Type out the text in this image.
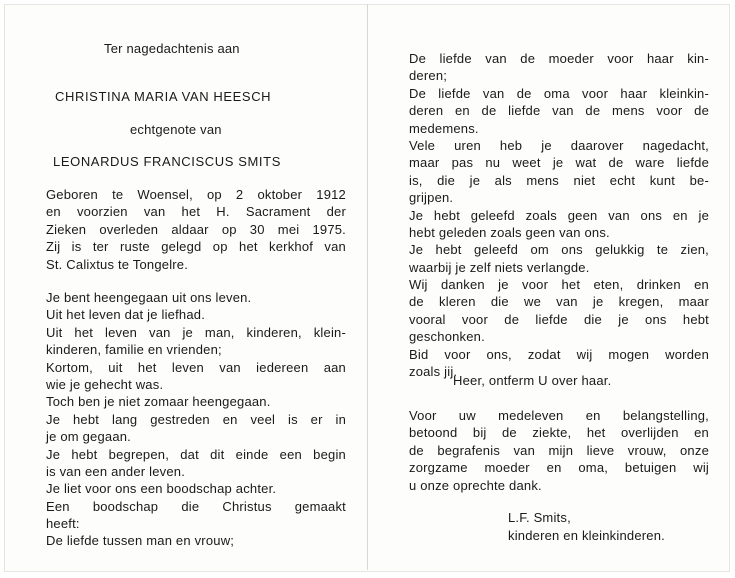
Ter nagedachtenis aan
CHRISTINA MARIA VAN HEESCH
echtgenote van
LEONARDUS FRANCISCUS SMITS
Geboren te Woensel, op 2 oktober 1912
en voorzien van het H. Sacrament der
Zieken overleden aldaar op 30 mei 1975.
Zij is ter ruste gelegd op het kerkhof van
St. Calixtus te Tongelre.
Je bent heengegaan uit ons leven.
Uit het leven dat je liefhad.
Uit het leven van je man, kinderen, klein-
kinderen, familie en vrienden;
Kortom, uit het leven van iedereen aan
wie je gehecht was.
Toch ben je niet zomaar heengegaan.
Je hebt lang gestreden en veel is er in
je om gegaan.
Je hebt begrepen, dat dit einde een begin
is van een ander leven.
Je liet voor ons een boodschap achter.
Een boodschap die Christus gemaakt
heeft:
De liefde tussen man en vrouw;
De liefde van de moeder voor haar kin-
deren;
De liefde van de oma voor haar kleinkin-
deren en de liefde van de mens voor de
medemens.
Vele uren heb je daarover nagedacht,
maar pas nu weet je wat de ware liefde
is, die je als mens niet echt kunt be-
grijpen.
Je hebt geleefd zoals geen van ons en je
hebt geleden zoals geen van ons.
Je hebt geleefd om ons gelukkig te zien,
waarbij je zelf niets verlangde.
Wij danken je voor het eten, drinken en
de kleren die we van je kregen, maar
vooral voor de liefde die je ons hebt
geschonken.
Bid voor ons, zodat wij mogen worden
zoals jij.
Heer, ontferm U over haar.
Voor uw medeleven en belangstelling,
betoond bij de ziekte, het overlijden en
de begrafenis van mijn lieve vrouw, onze
zorgzame moeder en oma, betuigen wij
u onze oprechte dank.
L.F. Smits,
kinderen en kleinkinderen.
